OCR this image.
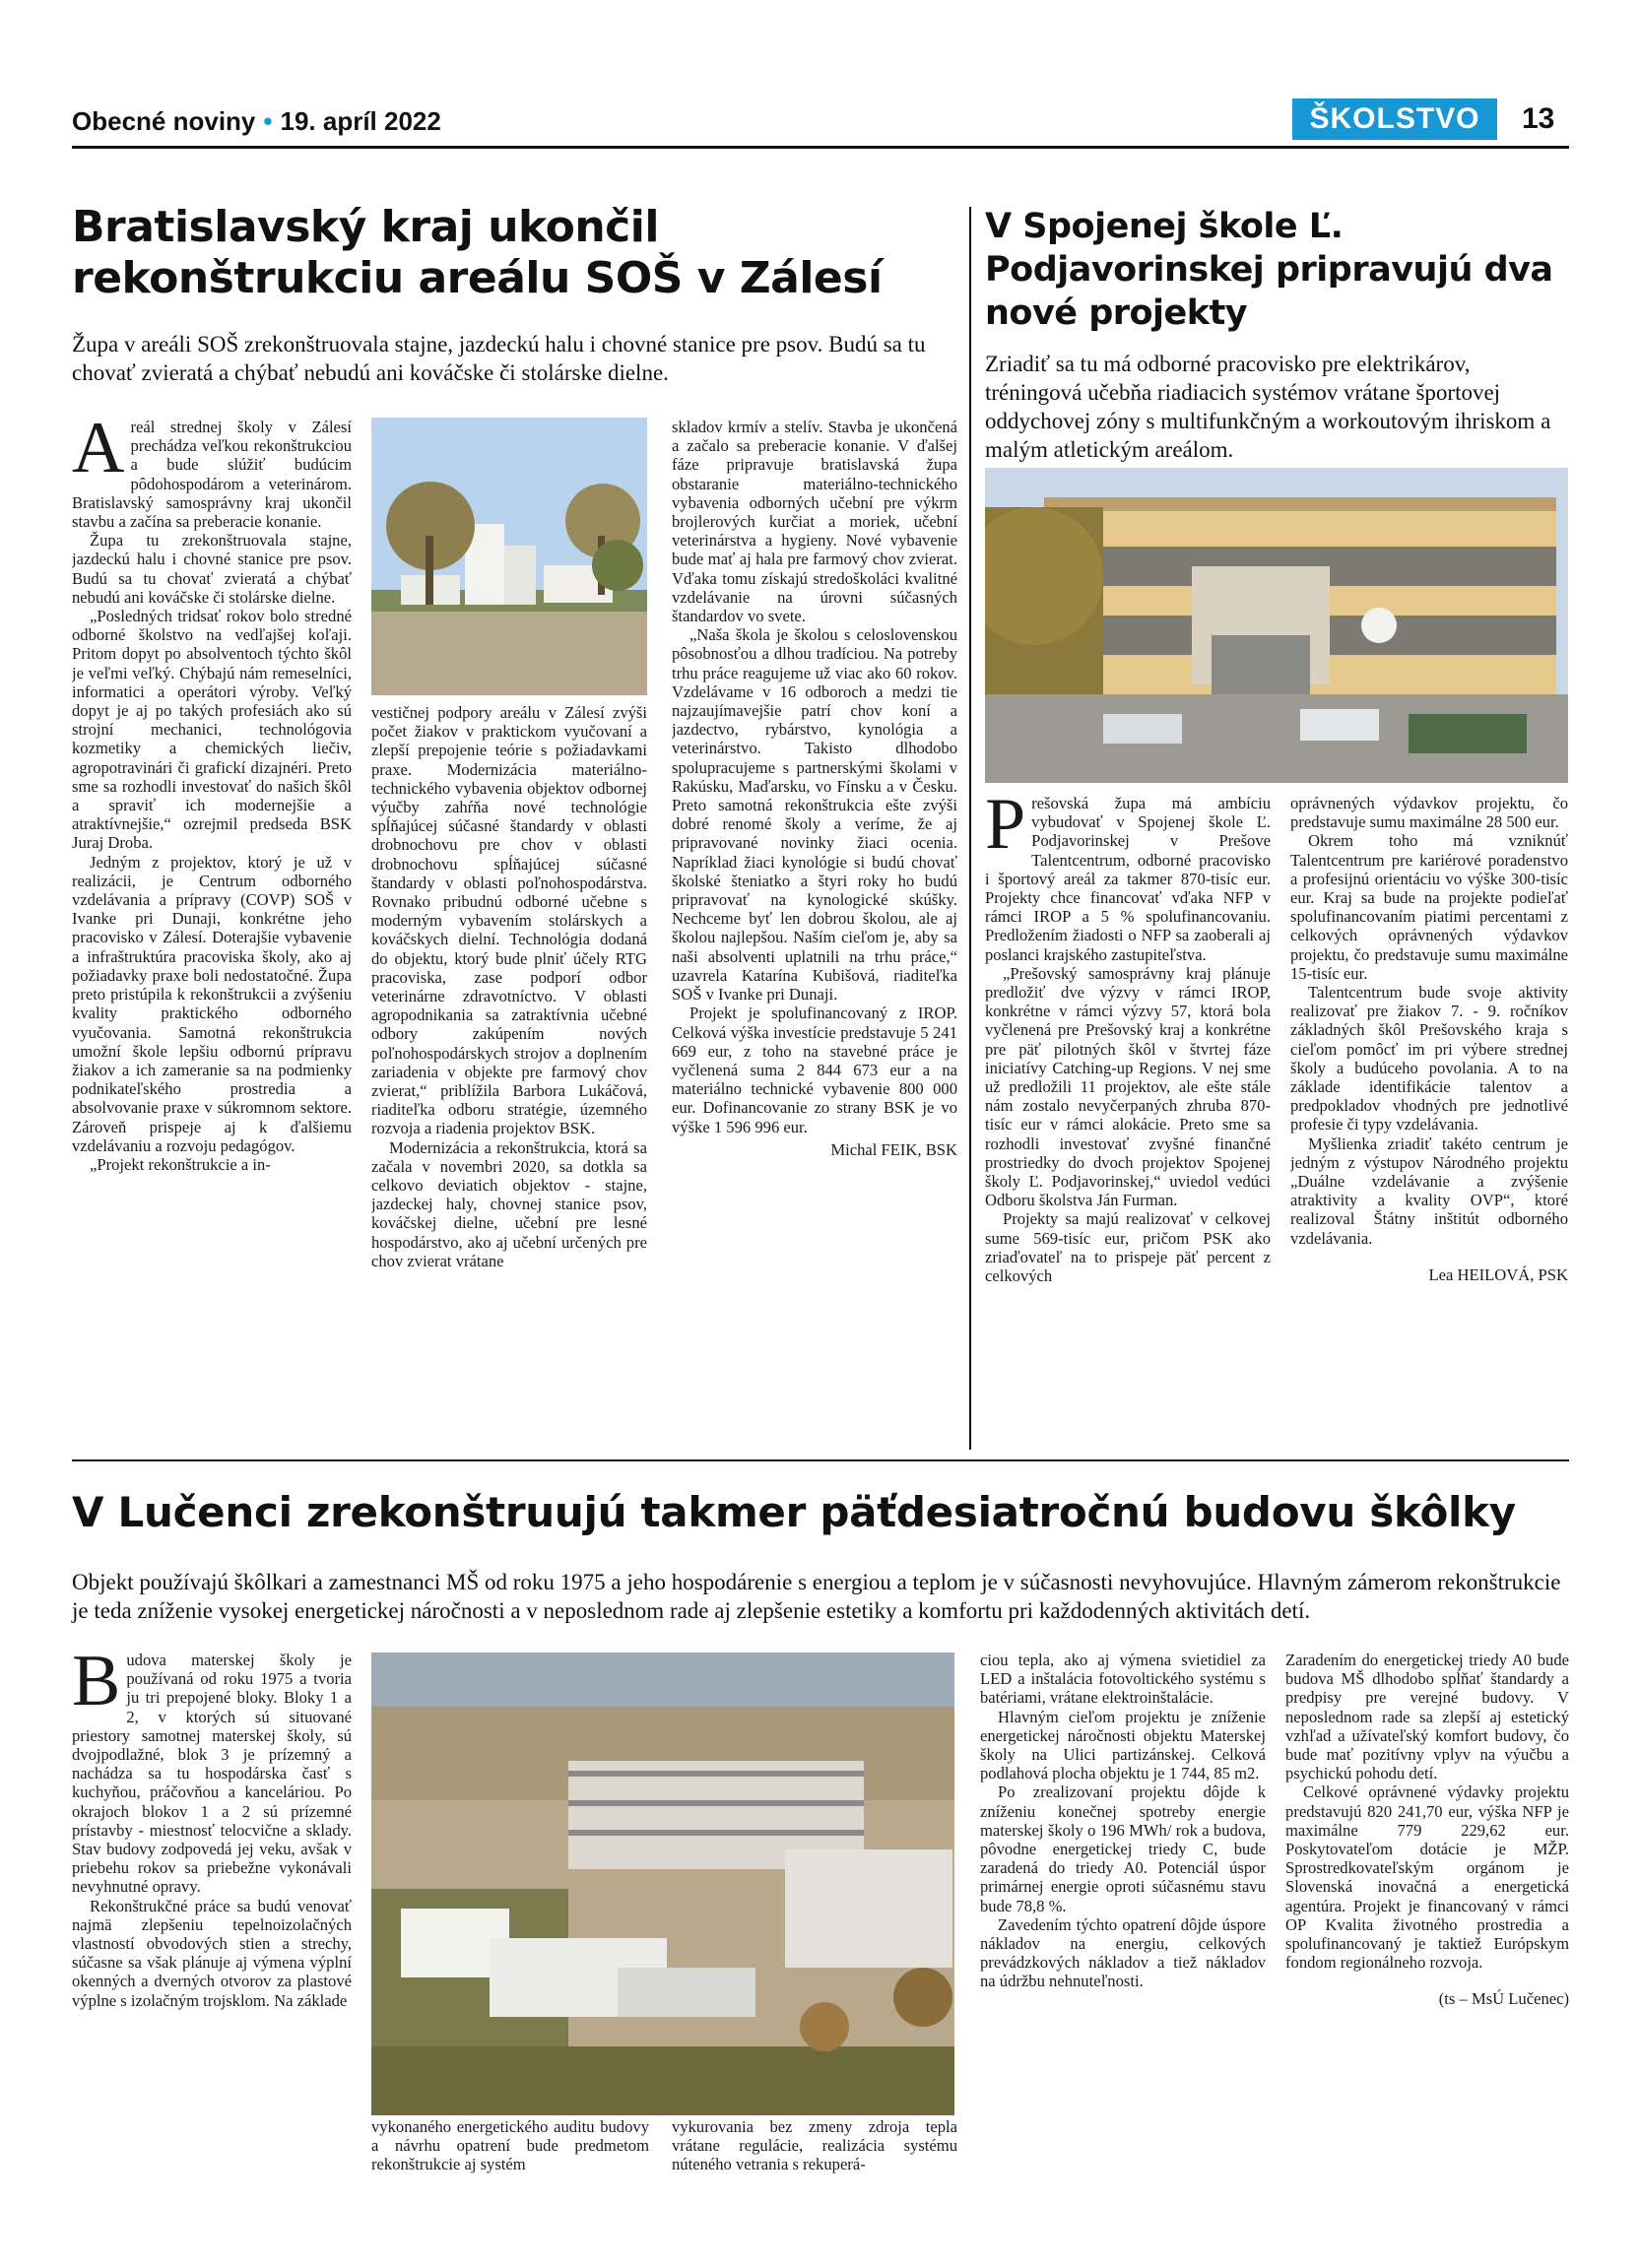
Obecné noviny • 19. apríl 2022	ŠKOLSTVO	13
Bratislavský kraj ukončil rekonštrukciu areálu SOŠ v Zálesí
Župa v areáli SOŠ zrekonštruovala stajne, jazdeckú halu i chovné stanice pre psov. Budú sa tu chovať zvieratá a chýbať nebudú ani kováčske či stolárske dielne.

Areál strednej školy v Zálesí prechádza veľkou rekonštrukciou a bude slúžiť budúcim pôdohospodárom a veterinárom. Bratislavský samosprávny kraj ukončil stavbu a začína sa preberacie konanie.

Župa tu zrekonštruovala stajne, jazdeckú halu i chovné stanice pre psov. Budú sa tu chovať zvieratá a chýbať nebudú ani kováčske či stolárske dielne.

„Posledných tridsať rokov bolo stredné odborné školstvo na vedľajšej koľaji. Pritom dopyt po absolventoch týchto škôl je veľmi veľký. Chýbajú nám remeselníci, informatici a operátori výroby. Veľký dopyt je aj po takých profesiách ako sú strojní mechanici, technológovia kozmetiky a chemických liečiv, agropotravinári či grafickí dizajnéri. Preto sme sa rozhodli investovať do našich škôl a spraviť ich modernejšie a atraktívnejšie,“ ozrejmil predseda BSK Juraj Droba.

Jedným z projektov, ktorý je už v realizácii, je Centrum odborného vzdelávania a prípravy (COVP) SOŠ v Ivanke pri Dunaji, konkrétne jeho pracovisko v Zálesí. Doterajšie vybavenie a infraštruktúra pracoviska školy, ako aj požiadavky praxe boli nedostatočné. Župa preto pristúpila k rekonštrukcii a zvýšeniu kvality praktického odborného vyučovania. Samotná rekonštrukcia umožní škole lepšiu odbornú prípravu žiakov a ich zameranie sa na podmienky podnikateľského prostredia a absolvovanie praxe v súkromnom sektore. Zároveň prispeje aj k ďalšiemu vzdelávaniu a rozvoju pedagógov.

„Projekt rekonštrukcie a in-

vestičnej podpory areálu v Zálesí zvýši počet žiakov v praktickom vyučovaní a zlepší prepojenie teórie s požiadavkami praxe. Modernizácia materiálno-technického vybavenia objektov odbornej výučby zahŕňa nové technológie spĺňajúcej súčasné štandardy v oblasti drobnochovu pre chov v oblasti drobnochovu spĺňajúcej súčasné štandardy v oblasti poľnohospodárstva. Rovnako pribudnú odborné učebne s moderným vybavením stolárskych a kováčskych dielní. Technológia dodaná do objektu, ktorý bude plniť účely RTG pracoviska, zase podporí odbor veterinárne zdravotníctvo. V oblasti agropodnikania sa zatraktívnia učebné odbory zakúpením nových poľnohospodárskych strojov a doplnením zariadenia v objekte pre farmový chov zvierat,“ priblížila Barbora Lukáčová, riaditeľka odboru stratégie, územného rozvoja a riadenia projektov BSK.

Modernizácia a rekonštrukcia, ktorá sa začala v novembri 2020, sa dotkla sa celkovo deviatich objektov - stajne, jazdeckej haly, chovnej stanice psov, kováčskej dielne, učební pre lesné hospodárstvo, ako aj učební určených pre chov zvierat vrátane

skladov krmív a stelív. Stavba je ukončená a začalo sa preberacie konanie. V ďalšej fáze pripravuje bratislavská župa obstaranie materiálno-technického vybavenia odborných učební pre výkrm brojlerových kurčiat a moriek, učební veterinárstva a hygieny. Nové vybavenie bude mať aj hala pre farmový chov zvierat. Vďaka tomu získajú stredoškoláci kvalitné vzdelávanie na úrovni súčasných štandardov vo svete.

„Naša škola je školou s celoslovenskou pôsobnosťou a dlhou tradíciou. Na potreby trhu práce reagujeme už viac ako 60 rokov. Vzdelávame v 16 odboroch a medzi tie najzaujímavejšie patrí chov koní a jazdectvo, rybárstvo, kynológia a veterinárstvo. Takisto dlhodobo spolupracujeme s partnerskými školami v Rakúsku, Maďarsku, vo Fínsku a v Česku. Preto samotná rekonštrukcia ešte zvýši dobré renomé školy a veríme, že aj pripravované novinky žiaci ocenia. Napríklad žiaci kynológie si budú chovať školské šteniatko a štyri roky ho budú pripravovať na kynologické skúšky. Nechceme byť len dobrou školou, ale aj školou najlepšou. Naším cieľom je, aby sa naši absolventi uplatnili na trhu práce,“ uzavrela Katarína Kubišová, riaditeľka SOŠ v Ivanke pri Dunaji.

Projekt je spolufinancovaný z IROP. Celková výška investície predstavuje 5 241 669 eur, z toho na stavebné práce je vyčlenená suma 2 844 673 eur a na materiálno technické vybavenie 800 000 eur. Dofinancovanie zo strany BSK je vo výške 1 596 996 eur.

Michal FEIK, BSK

V Spojenej škole Ľ. Podjavorinskej pripravujú dva nové projekty
Zriadiť sa tu má odborné pracovisko pre elektrikárov, tréningová učebňa riadiacich systémov vrátane športovej oddychovej zóny s multifunkčným a workoutovým ihriskom a malým atletickým areálom.

Prešovská župa má ambíciu vybudovať v Spojenej škole Ľ. Podjavorinskej v Prešove Talentcentrum, odborné pracovisko i športový areál za takmer 870-tisíc eur. Projekty chce financovať vďaka NFP v rámci IROP a 5 % spolufinancovaniu. Predložením žiadosti o NFP sa zaoberali aj poslanci krajského zastupiteľstva.

„Prešovský samosprávny kraj plánuje predložiť dve výzvy v rámci IROP, konkrétne v rámci výzvy 57, ktorá bola vyčlenená pre Prešovský kraj a konkrétne pre päť pilotných škôl v štvrtej fáze iniciatívy Catching-up Regions. V nej sme už predložili 11 projektov, ale ešte stále nám zostalo nevyčerpaných zhruba 870-tisíc eur v rámci alokácie. Preto sme sa rozhodli investovať zvyšné finančné prostriedky do dvoch projektov Spojenej školy Ľ. Podjavorinskej,“ uviedol vedúci Odboru školstva Ján Furman.

Projekty sa majú realizovať v celkovej sume 569-tisíc eur, pričom PSK ako zriaďovateľ na to prispeje päť percent z celkových

oprávnených výdavkov projektu, čo predstavuje sumu maximálne 28 500 eur.

Okrem toho má vzniknúť Talentcentrum pre kariérové poradenstvo a profesijnú orientáciu vo výške 300-tisíc eur. Kraj sa bude na projekte podieľať spolufinancovaním piatimi percentami z celkových oprávnených výdavkov projektu, čo predstavuje sumu maximálne 15-tisíc eur.

Talentcentrum bude svoje aktivity realizovať pre žiakov 7. - 9. ročníkov základných škôl Prešovského kraja s cieľom pomôcť im pri výbere strednej školy a budúceho povolania. A to na základe identifikácie talentov a predpokladov vhodných pre jednotlivé profesie či typy vzdelávania.

Myšlienka zriadiť takéto centrum je jedným z výstupov Národného projektu „Duálne vzdelávanie a zvýšenie atraktivity a kvality OVP“, ktoré realizoval Štátny inštitút odborného vzdelávania.

Lea HEILOVÁ, PSK

V Lučenci zrekonštruujú takmer päťdesiatročnú budovu škôlky
Objekt používajú škôlkari a zamestnanci MŠ od roku 1975 a jeho hospodárenie s energiou a teplom je v súčasnosti nevyhovujúce. Hlavným zámerom rekonštrukcie je teda zníženie vysokej energetickej náročnosti a v neposlednom rade aj zlepšenie estetiky a komfortu pri každodenných aktivitách detí.

Budova materskej školy je používaná od roku 1975 a tvoria ju tri prepojené bloky. Bloky 1 a 2, v ktorých sú situované priestory samotnej materskej školy, sú dvojpodlažné, blok 3 je prízemný a nachádza sa tu hospodárska časť s kuchyňou, práčovňou a kanceláriou. Po okrajoch blokov 1 a 2 sú prízemné prístavby - miestnosť telocvične a sklady. Stav budovy zodpovedá jej veku, avšak v priebehu rokov sa priebežne vykonávali nevyhnutné opravy.

Rekonštrukčné práce sa budú venovať najmä zlepšeniu tepelnoizolačných vlastností obvodových stien a strechy, súčasne sa však plánuje aj výmena výplní okenných a dverných otvorov za plastové výplne s izolačným trojsklom. Na základe

vykonaného energetického auditu budovy a návrhu opatrení bude predmetom rekonštrukcie aj systém

vykurovania bez zmeny zdroja tepla vrátane regulácie, realizácia systému núteného vetrania s rekuperá-

ciou tepla, ako aj výmena svietidiel za LED a inštalácia fotovoltického systému s batériami, vrátane elektroinštalácie.

Hlavným cieľom projektu je zníženie energetickej náročnosti objektu Materskej školy na Ulici partizánskej. Celková podlahová plocha objektu je 1 744, 85 m2.

Po zrealizovaní projektu dôjde k zníženiu konečnej spotreby energie materskej školy o 196 MWh/ rok a budova, pôvodne energetickej triedy C, bude zaradená do triedy A0. Potenciál úspor primárnej energie oproti súčasnému stavu bude 78,8 %.

Zavedením týchto opatrení dôjde úspore nákladov na energiu, celkových prevádzkových nákladov a tiež nákladov na údržbu nehnuteľnosti.

Zaradením do energetickej triedy A0 bude budova MŠ dlhodobo spĺňať štandardy a predpisy pre verejné budovy. V neposlednom rade sa zlepší aj estetický vzhľad a užívateľský komfort budovy, čo bude mať pozitívny vplyv na výučbu a psychickú pohodu detí.

Celkové oprávnené výdavky projektu predstavujú 820 241,70 eur, výška NFP je maximálne 779 229,62 eur. Poskytovateľom dotácie je MŽP. Sprostredkovateľským orgánom je Slovenská inovačná a energetická agentúra. Projekt je financovaný v rámci OP Kvalita životného prostredia a spolufinancovaný je taktiež Európskym fondom regionálneho rozvoja.

(ts – MsÚ Lučenec)
